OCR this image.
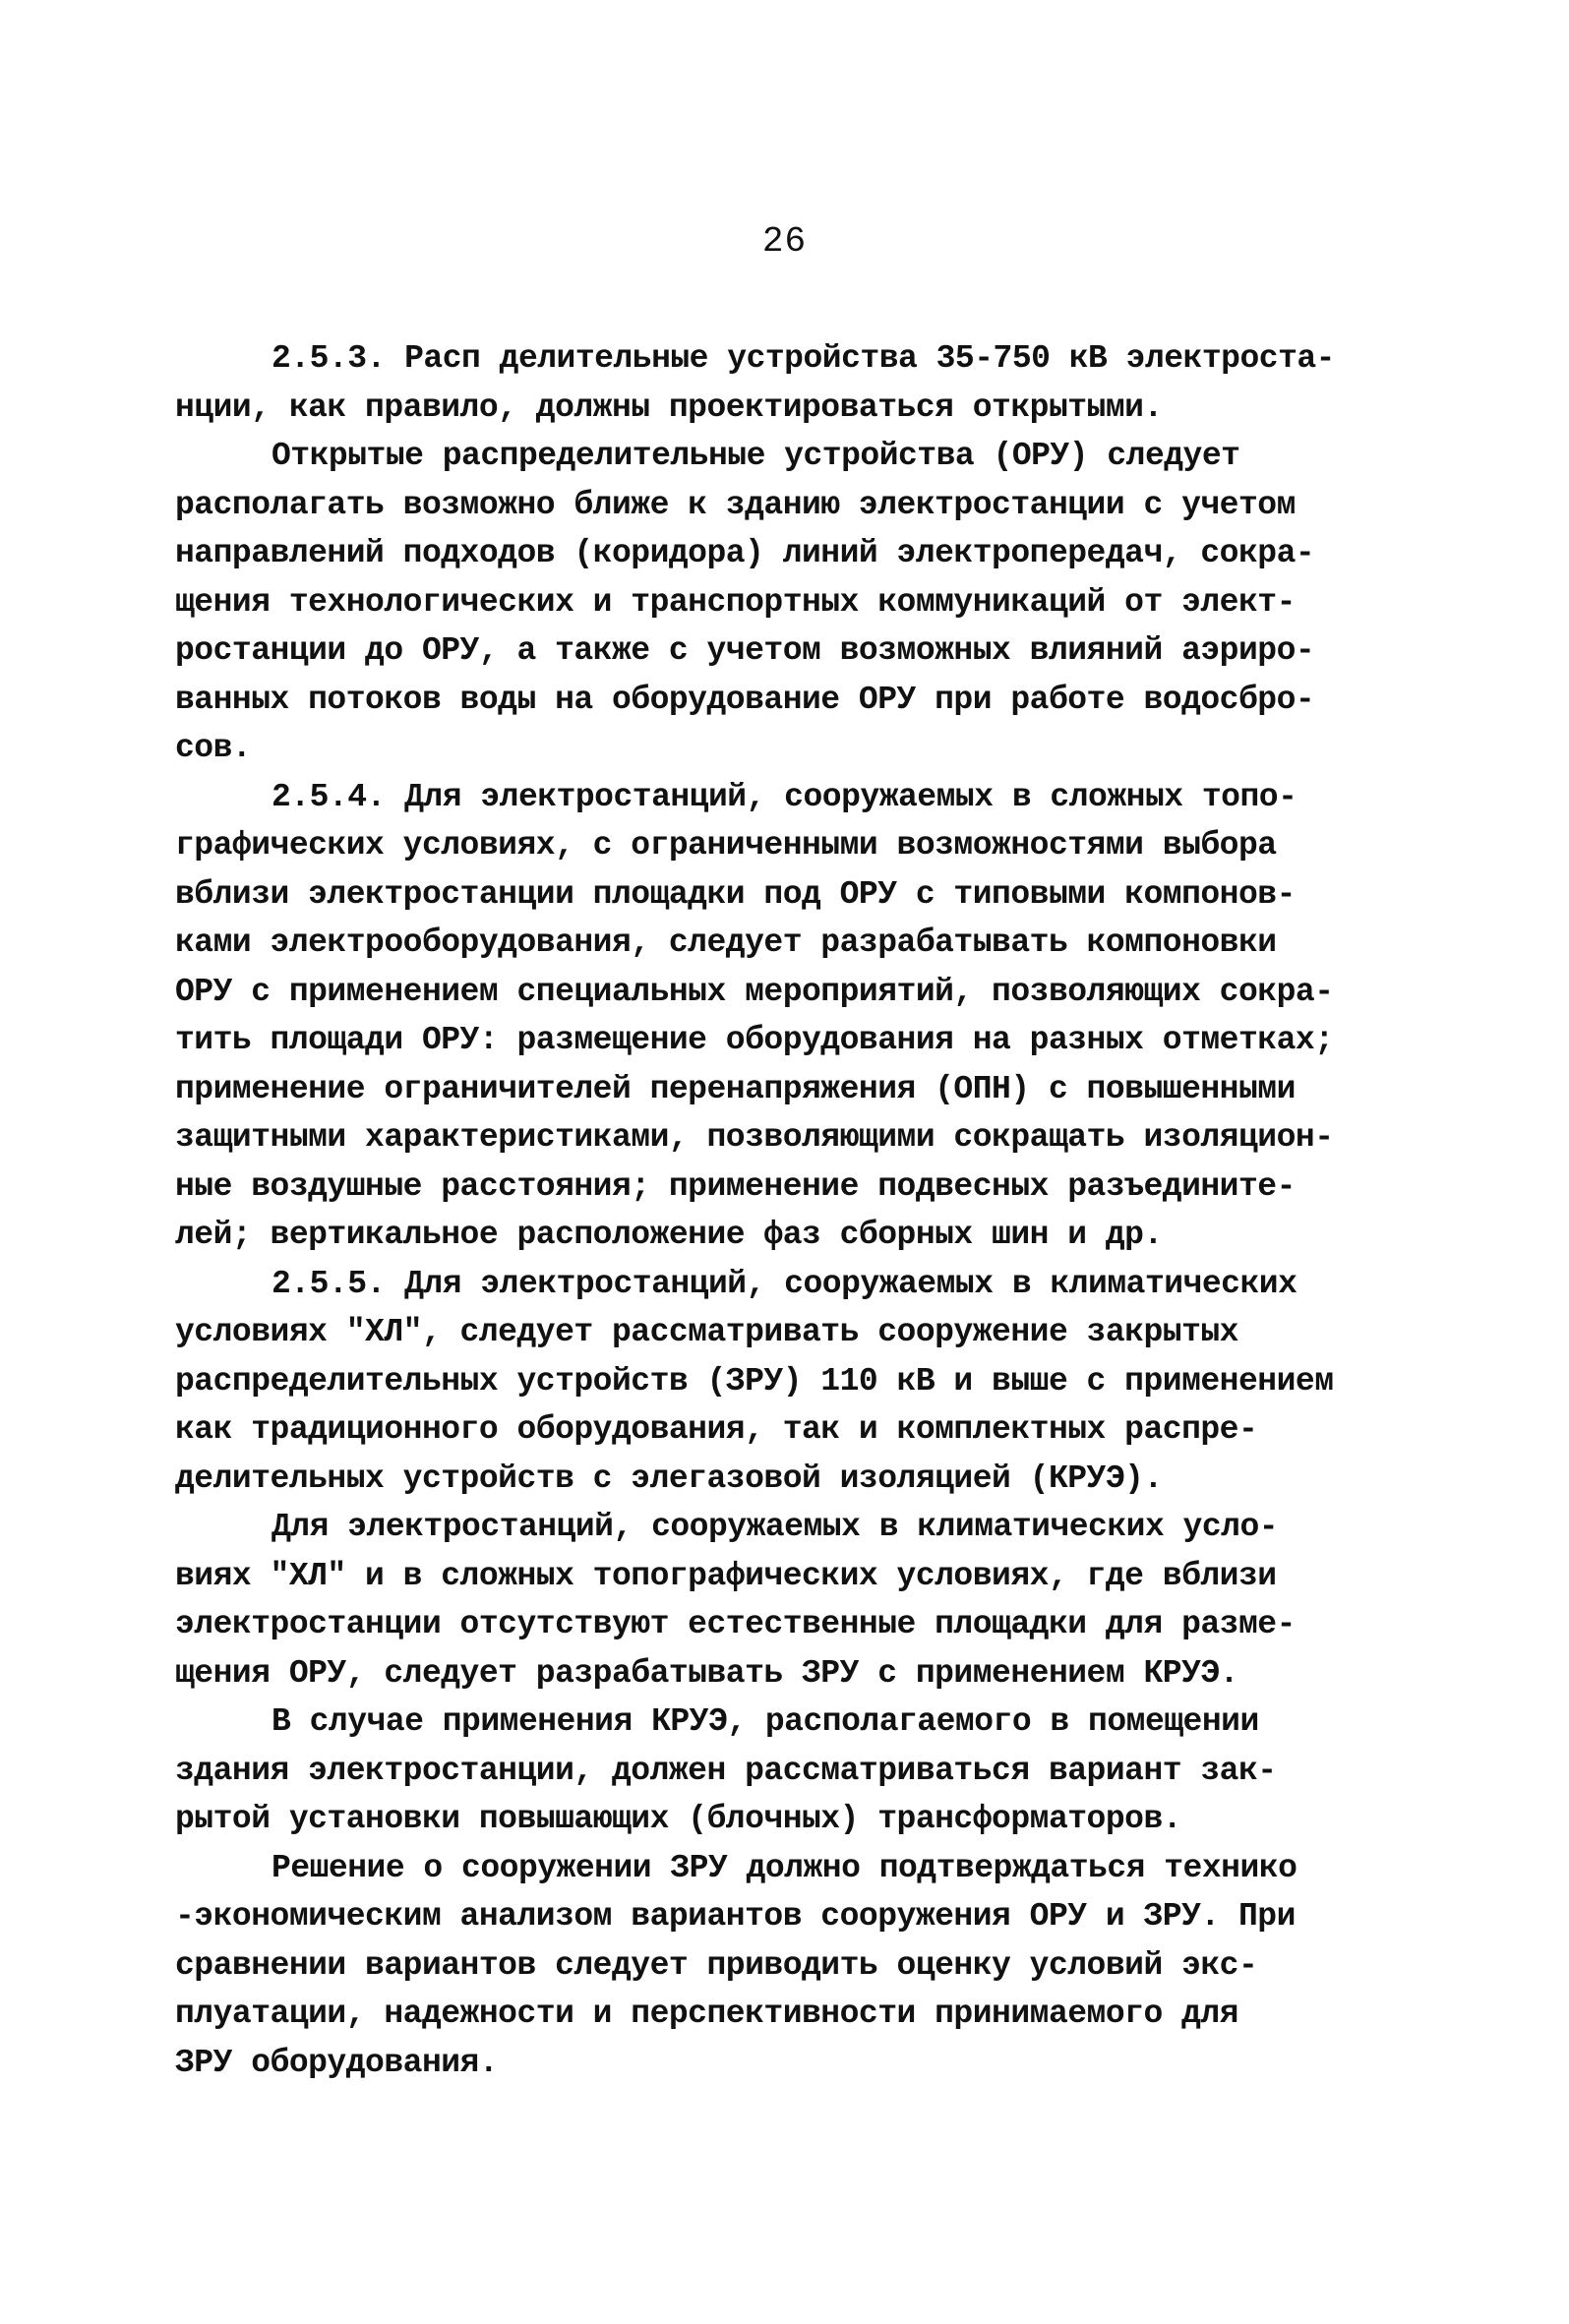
26
2.5.3. Расп делительные устройства 35-750 кВ электроста-
нции, как правило, должны проектироваться открытыми.
Открытые распределительные устройства (ОРУ) следует
располагать возможно ближе к зданию электростанции с учетом
направлений подходов (коридора) линий электропередач, сокра-
щения технологических и транспортных коммуникаций от элект-
ростанции до ОРУ, а также с учетом возможных влияний аэриро-
ванных потоков воды на оборудование ОРУ при работе водосбро-
сов.
2.5.4. Для электростанций, сооружаемых в сложных топо-
графических условиях, с ограниченными возможностями выбора
вблизи электростанции площадки под ОРУ с типовыми компонов-
ками электрооборудования, следует разрабатывать компоновки
ОРУ с применением специальных мероприятий, позволяющих сокра-
тить площади ОРУ: размещение оборудования на разных отметках;
применение ограничителей перенапряжения (ОПН) с повышенными
защитными характеристиками, позволяющими сокращать изоляцион-
ные воздушные расстояния; применение подвесных разъединитe-
лей; вертикальное расположение фаз сборных шин и др.
2.5.5. Для электростанций, сооружаемых в климатических
условиях "ХЛ", следует рассматривать сооружение закрытых
распределительных устройств (ЗРУ) 110 кВ и выше с применением
как традиционного оборудования, так и комплектных распре-
делительных устройств с элегазовой изоляцией (КРУЭ).
Для электростанций, сооружаемых в климатических усло-
виях "ХЛ" и в сложных топографических условиях, где вблизи
электростанции отсутствуют естественные площадки для разме-
щения ОРУ, следует разрабатывать ЗРУ с применением КРУЭ.
В случае применения КРУЭ, располагаемого в помещении
здания электростанции, должен рассматриваться вариант зак-
рытой установки повышающих (блочных) трансформаторов.
Решение о сооружении ЗРУ должно подтверждаться технико
-экономическим анализом вариантов сооружения ОРУ и ЗРУ. При
сравнении вариантов следует приводить оценку условий экс-
плуатации, надежности и перспективности принимаемого для
ЗРУ оборудования.
